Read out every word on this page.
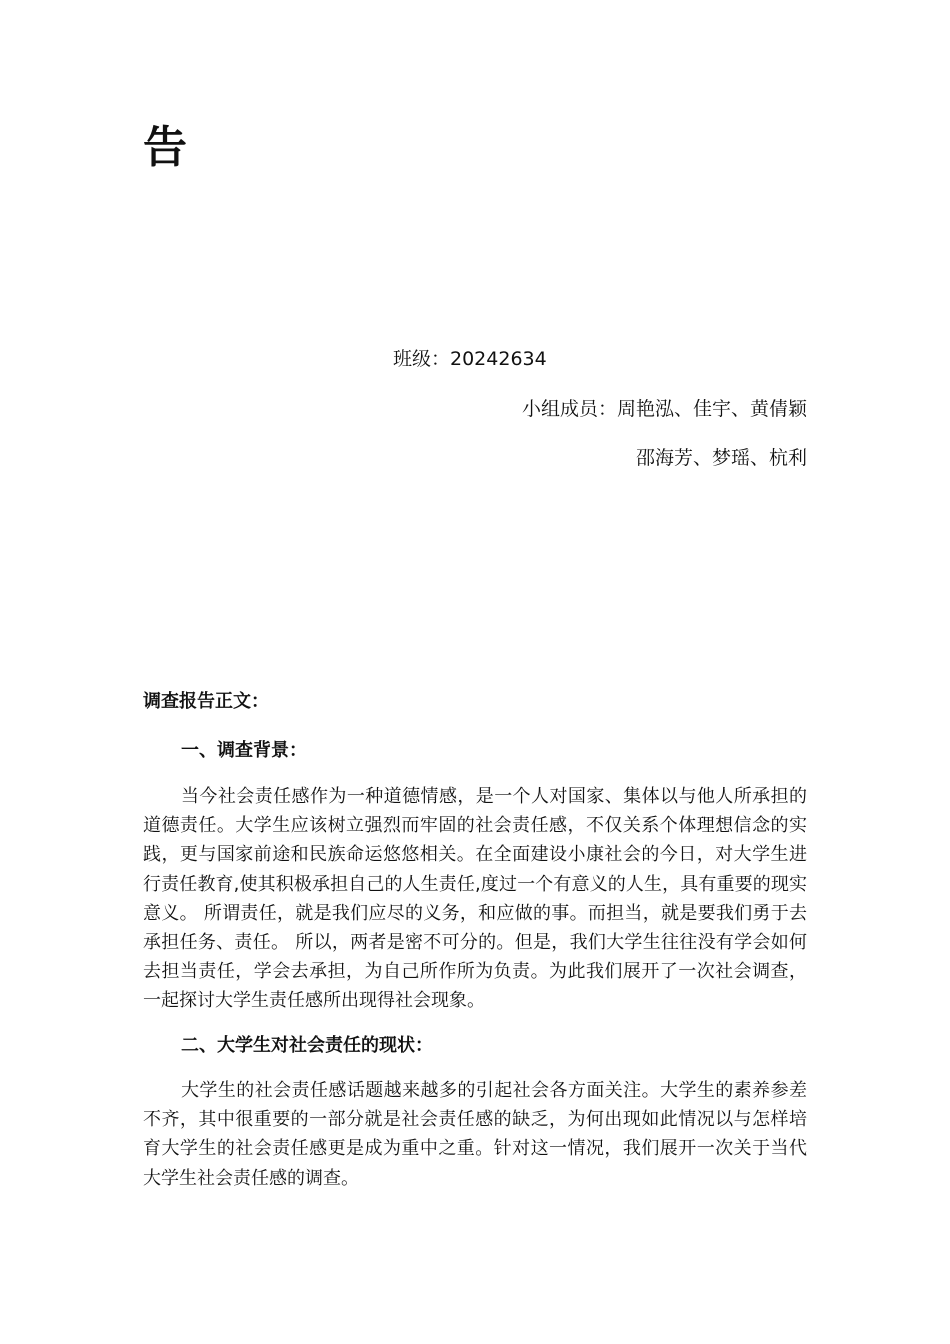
告
班级：20242634
小组成员：周艳泓、佳宇、黄倩颖
邵海芳、梦瑶、杭利
调查报告正文：
一、调查背景：

当今社会责任感作为一种道德情感，是一个人对国家、集体以与他人所承担的道德责任。大学生应该树立强烈而牢固的社会责任感，不仅关系个体理想信念的实践，更与国家前途和民族命运悠悠相关。在全面建设小康社会的今日，对大学生进行责任教育,使其积极承担自己的人生责任,度过一个有意义的人生，具有重要的现实意义。 所谓责任，就是我们应尽的义务，和应做的事。而担当，就是要我们勇于去承担任务、责任。 所以，两者是密不可分的。但是，我们大学生往往没有学会如何去担当责任，学会去承担，为自己所作所为负责。为此我们展开了一次社会调查，一起探讨大学生责任感所出现得社会现象。

二、大学生对社会责任的现状：

大学生的社会责任感话题越来越多的引起社会各方面关注。大学生的素养参差不齐，其中很重要的一部分就是社会责任感的缺乏，为何出现如此情况以与怎样培育大学生的社会责任感更是成为重中之重。针对这一情况，我们展开一次关于当代大学生社会责任感的调查。
